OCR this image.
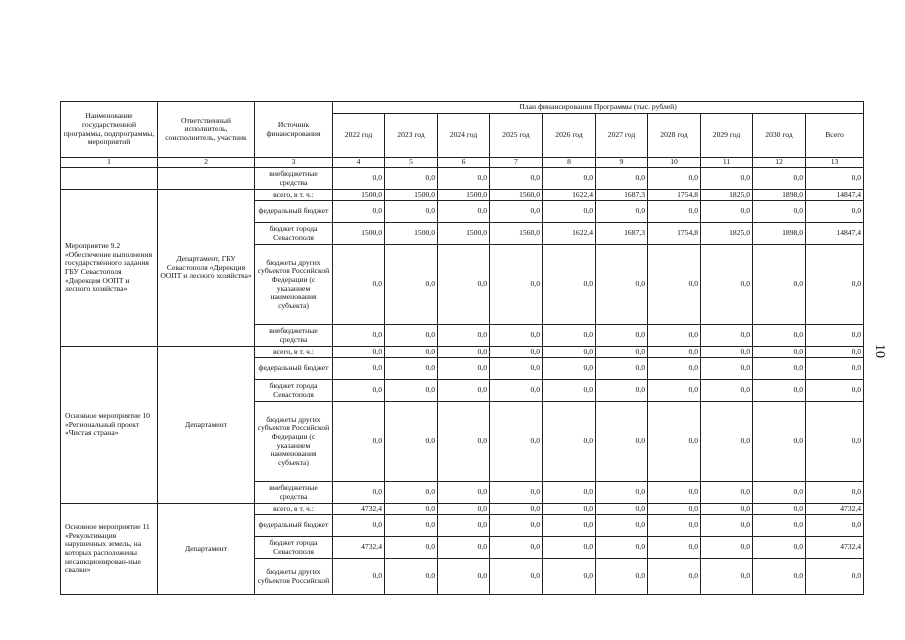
Наименование государственной программы, подпрограммы, мероприятий	Ответственный исполнитель, соисполнитель, участник	Источник финансирования	План финансирования Программы (тыс. рублей)									
			2022 год	2023 год	2024 год	2025 год	2026 год	2027 год	2028 год	2029 год	2030 год	Всего
1	2	3	4	5	6	7	8	9	10	11	12	13
		внебюджетные средства	0,0	0,0	0,0	0,0	0,0	0,0	0,0	0,0	0,0	0,0
Мероприятие 9.2 «Обеспечение выполнения государственного задания ГБУ Севастополя «Дирекция ООПТ и лесного хозяйства»	Департамент, ГБУ Севастополя «Дирекция ООПТ и лесного хозяйства»	всего, в т. ч.:	1500,0	1500,0	1500,0	1560,0	1622,4	1687,3	1754,8	1825,0	1898,0	14847,4
		федеральный бюджет	0,0	0,0	0,0	0,0	0,0	0,0	0,0	0,0	0,0	0,0
		бюджет города Севастополя	1500,0	1500,0	1500,0	1560,0	1622,4	1687,3	1754,8	1825,0	1898,0	14847,4
		бюджеты других субъектов Российской Федерации (с указанием наименования субъекта)	0,0	0,0	0,0	0,0	0,0	0,0	0,0	0,0	0,0	0,0
		внебюджетные средства	0,0	0,0	0,0	0,0	0,0	0,0	0,0	0,0	0,0	0,0
Основное мероприятие 10 «Региональный проект «Чистая страна»	Департамент	всего, в т. ч.:	0,0	0,0	0,0	0,0	0,0	0,0	0,0	0,0	0,0	0,0
		федеральный бюджет	0,0	0,0	0,0	0,0	0,0	0,0	0,0	0,0	0,0	0,0
		бюджет города Севастополя	0,0	0,0	0,0	0,0	0,0	0,0	0,0	0,0	0,0	0,0
		бюджеты других субъектов Российской Федерации (с указанием наименования субъекта)	0,0	0,0	0,0	0,0	0,0	0,0	0,0	0,0	0,0	0,0
		внебюджетные средства	0,0	0,0	0,0	0,0	0,0	0,0	0,0	0,0	0,0	0,0
Основное мероприятие 11 «Рекультивация нарушенных земель, на которых расположены несанкционирован-ные свалки»	Департамент	всего, в т. ч.:	4732,4	0,0	0,0	0,0	0,0	0,0	0,0	0,0	0,0	4732,4
		федеральный бюджет	0,0	0,0	0,0	0,0	0,0	0,0	0,0	0,0	0,0	0,0
		бюджет города Севастополя	4732,4	0,0	0,0	0,0	0,0	0,0	0,0	0,0	0,0	4732,4
		бюджеты других субъектов Российской	0,0	0,0	0,0	0,0	0,0	0,0	0,0	0,0	0,0	0,0
10
